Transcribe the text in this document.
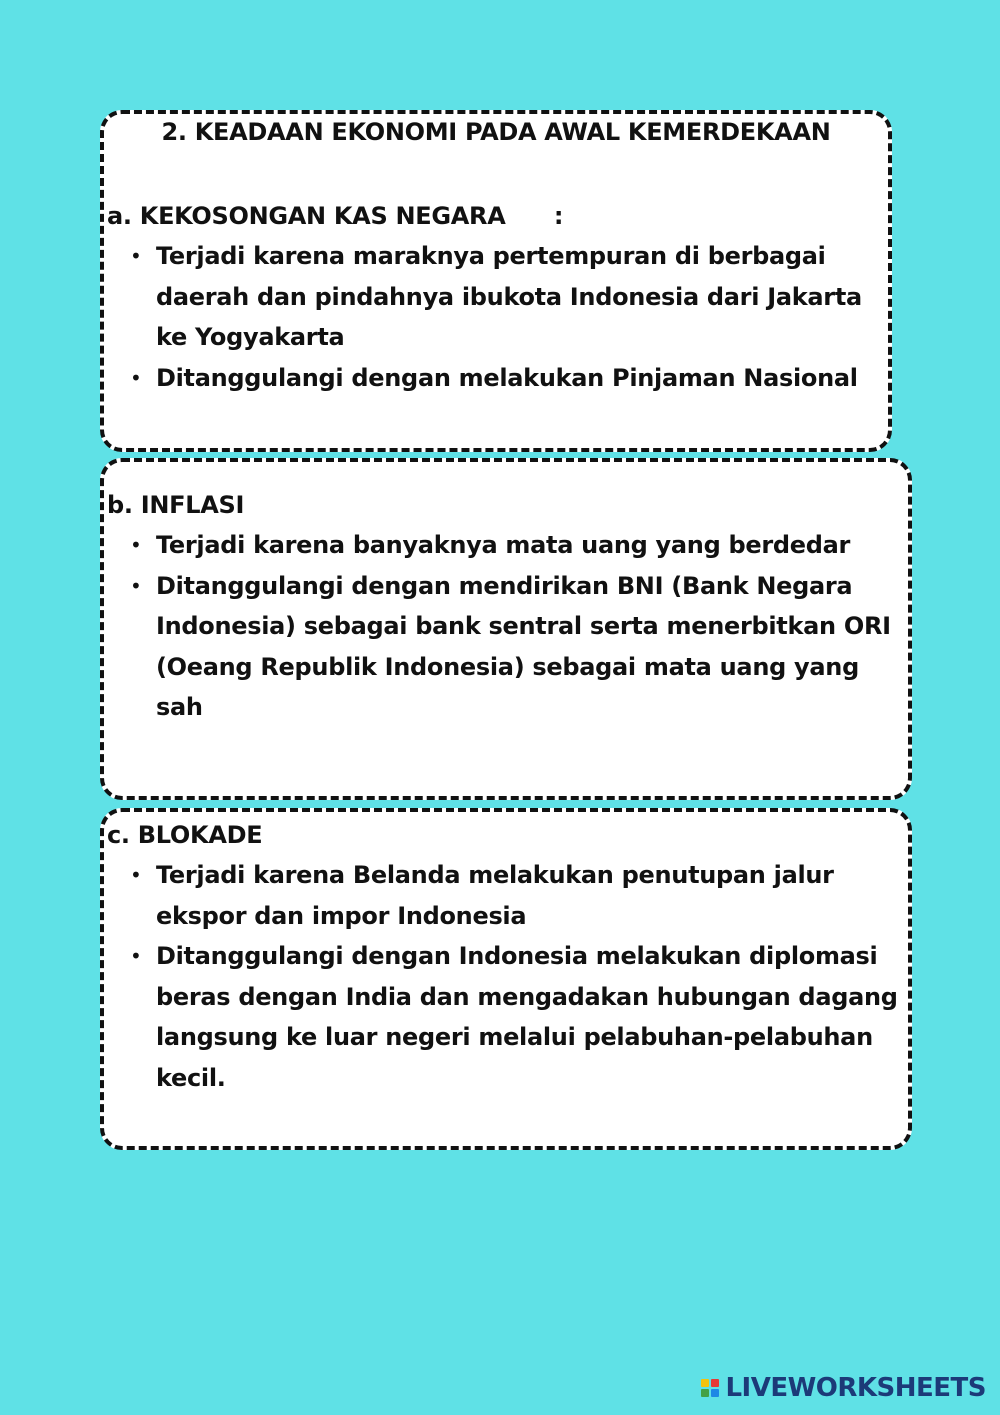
2. KEADAAN EKONOMI PADA AWAL KEMERDEKAAN
a. KEKOSONGAN KAS NEGARA      :
• Terjadi karena maraknya pertempuran di berbagai daerah dan pindahnya ibukota Indonesia dari Jakarta ke Yogyakarta
• Ditanggulangi dengan melakukan Pinjaman Nasional
b. INFLASI
• Terjadi karena banyaknya mata uang yang berdedar
• Ditanggulangi dengan mendirikan BNI (Bank Negara Indonesia) sebagai bank sentral serta menerbitkan ORI (Oeang Republik Indonesia) sebagai mata uang yang sah
c. BLOKADE
• Terjadi karena Belanda melakukan penutupan jalur ekspor dan impor Indonesia
• Ditanggulangi dengan Indonesia melakukan diplomasi beras dengan India dan mengadakan hubungan dagang langsung ke luar negeri melalui pelabuhan-pelabuhan kecil.
LIVEWORKSHEETS
